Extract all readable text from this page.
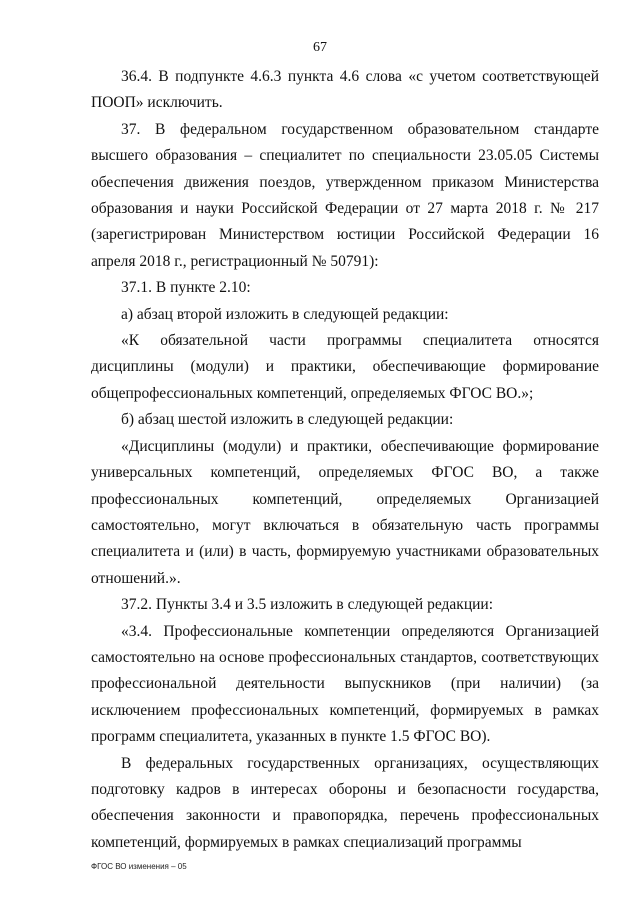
67

36.4. В подпункте 4.6.3 пункта 4.6 слова «с учетом соответствующей ПООП» исключить.

37. В федеральном государственном образовательном стандарте высшего образования – специалитет по специальности 23.05.05 Системы обеспечения движения поездов, утвержденном приказом Министерства образования и науки Российской Федерации от 27 марта 2018 г. № 217 (зарегистрирован Министерством юстиции Российской Федерации 16 апреля 2018 г., регистрационный № 50791):

37.1. В пункте 2.10:

а) абзац второй изложить в следующей редакции:

«К обязательной части программы специалитета относятся дисциплины (модули) и практики, обеспечивающие формирование общепрофессиональных компетенций, определяемых ФГОС ВО.»;

б) абзац шестой изложить в следующей редакции:

«Дисциплины (модули) и практики, обеспечивающие формирование универсальных компетенций, определяемых ФГОС ВО, а также профессиональных компетенций, определяемых Организацией самостоятельно, могут включаться в обязательную часть программы специалитета и (или) в часть, формируемую участниками образовательных отношений.».

37.2. Пункты 3.4 и 3.5 изложить в следующей редакции:

«3.4. Профессиональные компетенции определяются Организацией самостоятельно на основе профессиональных стандартов, соответствующих профессиональной деятельности выпускников (при наличии) (за исключением профессиональных компетенций, формируемых в рамках программ специалитета, указанных в пункте 1.5 ФГОС ВО).

В федеральных государственных организациях, осуществляющих подготовку кадров в интересах обороны и безопасности государства, обеспечения законности и правопорядка, перечень профессиональных компетенций, формируемых в рамках специализаций программы

ФГОС ВО изменения – 05
